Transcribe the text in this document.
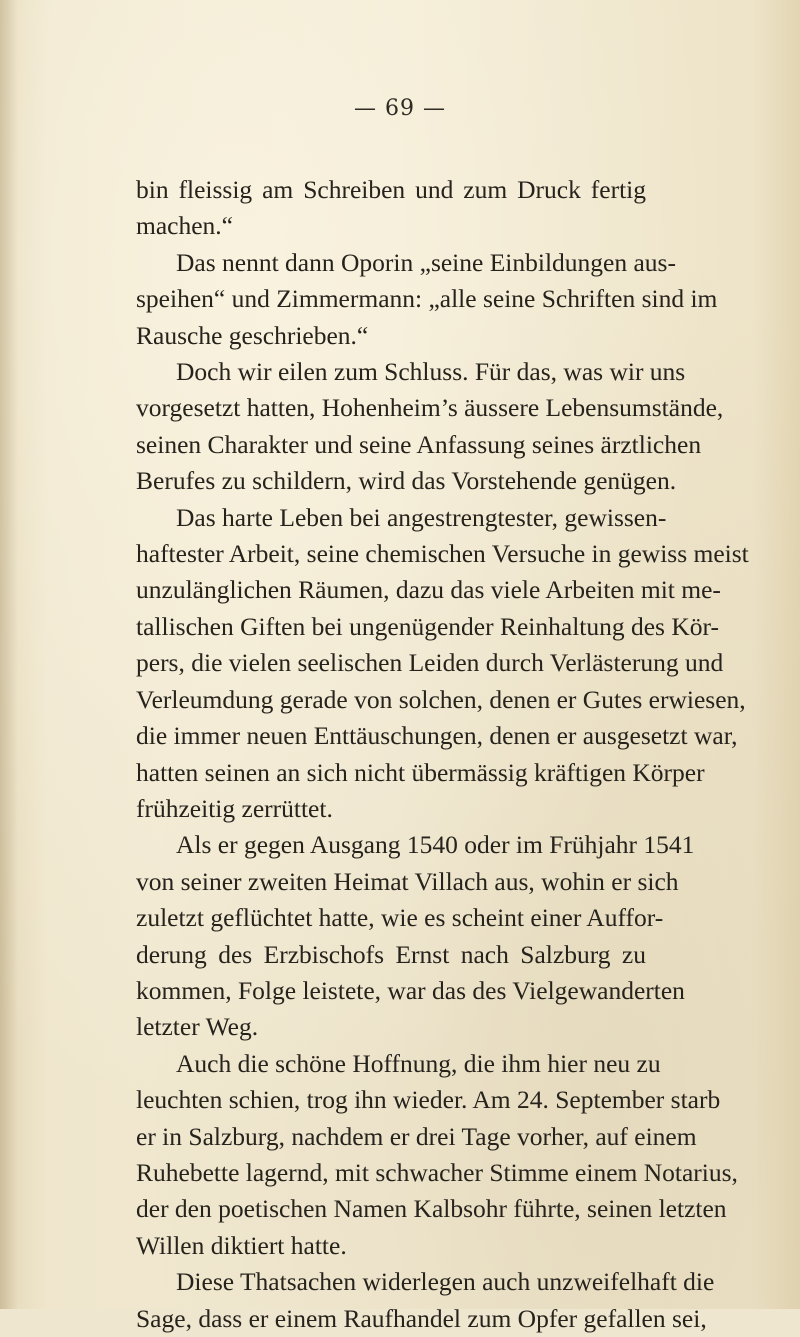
— 69 —
bin fleissig am Schreiben und zum Druck fertig
machen.“
Das nennt dann Oporin „seine Einbildungen aus-
speihen“ und Zimmermann: „alle seine Schriften sind im
Rausche geschrieben.“
Doch wir eilen zum Schluss. Für das, was wir uns
vorgesetzt hatten, Hohenheim’s äussere Lebensumstände,
seinen Charakter und seine Anfassung seines ärztlichen
Berufes zu schildern, wird das Vorstehende genügen.
Das harte Leben bei angestrengtester, gewissen-
haftester Arbeit, seine chemischen Versuche in gewiss meist
unzulänglichen Räumen, dazu das viele Arbeiten mit me-
tallischen Giften bei ungenügender Reinhaltung des Kör-
pers, die vielen seelischen Leiden durch Verlästerung und
Verleumdung gerade von solchen, denen er Gutes erwiesen,
die immer neuen Enttäuschungen, denen er ausgesetzt war,
hatten seinen an sich nicht übermässig kräftigen Körper
frühzeitig zerrüttet.
Als er gegen Ausgang 1540 oder im Frühjahr 1541
von seiner zweiten Heimat Villach aus, wohin er sich
zuletzt geflüchtet hatte, wie es scheint einer Auffor-
derung des Erzbischofs Ernst nach Salzburg zu
kommen, Folge leistete, war das des Vielgewanderten
letzter Weg.
Auch die schöne Hoffnung, die ihm hier neu zu
leuchten schien, trog ihn wieder. Am 24. September starb
er in Salzburg, nachdem er drei Tage vorher, auf einem
Ruhebette lagernd, mit schwacher Stimme einem Notarius,
der den poetischen Namen Kalbsohr führte, seinen letzten
Willen diktiert hatte.
Diese Thatsachen widerlegen auch unzweifelhaft die
Sage, dass er einem Raufhandel zum Opfer gefallen sei,
